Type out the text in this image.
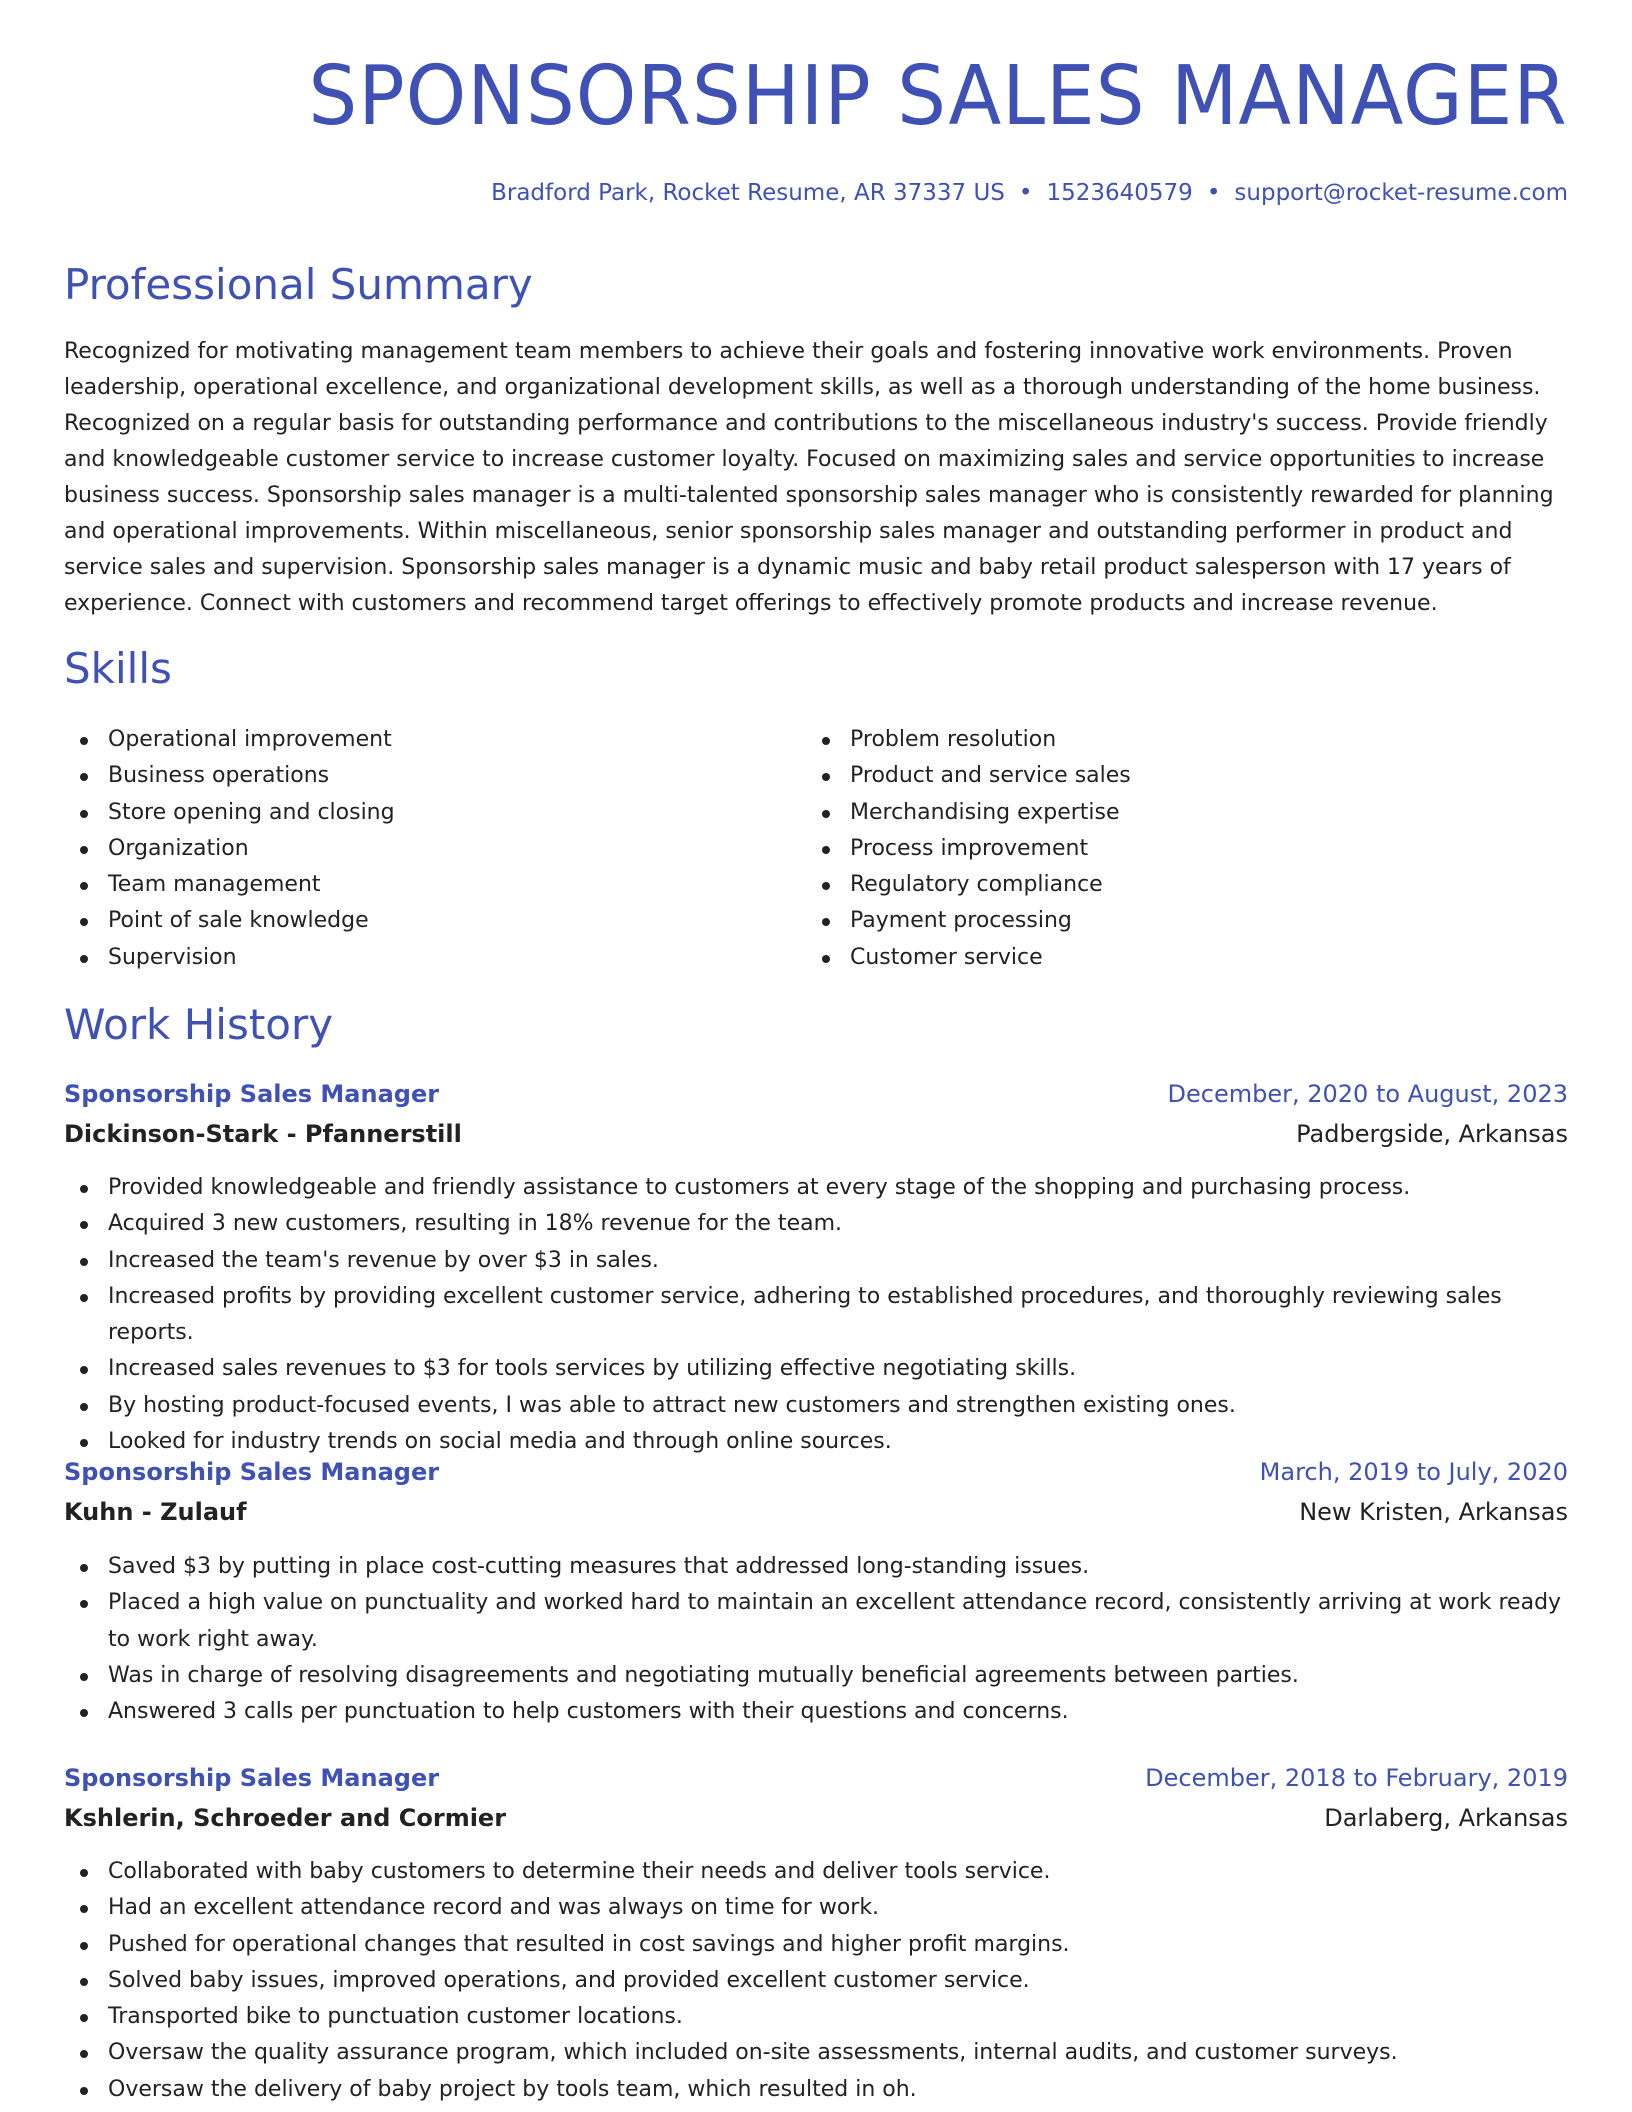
SPONSORSHIP SALES MANAGER
Bradford Park, Rocket Resume, AR 37337 US • 1523640579 • support@rocket-resume.com
Professional Summary

Recognized for motivating management team members to achieve their goals and fostering innovative work environments. Proven leadership, operational excellence, and organizational development skills, as well as a thorough understanding of the home business. Recognized on a regular basis for outstanding performance and contributions to the miscellaneous industry's success. Provide friendly and knowledgeable customer service to increase customer loyalty. Focused on maximizing sales and service opportunities to increase business success. Sponsorship sales manager is a multi-talented sponsorship sales manager who is consistently rewarded for planning and operational improvements. Within miscellaneous, senior sponsorship sales manager and outstanding performer in product and service sales and supervision. Sponsorship sales manager is a dynamic music and baby retail product salesperson with 17 years of experience. Connect with customers and recommend target offerings to effectively promote products and increase revenue.

Skills
Operational improvement
Business operations
Store opening and closing
Organization
Team management
Point of sale knowledge
Supervision
Problem resolution
Product and service sales
Merchandising expertise
Process improvement
Regulatory compliance
Payment processing
Customer service
Work History
Sponsorship Sales Manager	December, 2020 to August, 2023
Dickinson-Stark - Pfannerstill	Padbergside, Arkansas
Provided knowledgeable and friendly assistance to customers at every stage of the shopping and purchasing process.
Acquired 3 new customers, resulting in 18% revenue for the team.
Increased the team's revenue by over $3 in sales.
Increased profits by providing excellent customer service, adhering to established procedures, and thoroughly reviewing sales reports.
Increased sales revenues to $3 for tools services by utilizing effective negotiating skills.
By hosting product-focused events, I was able to attract new customers and strengthen existing ones.
Looked for industry trends on social media and through online sources.
Sponsorship Sales Manager	March, 2019 to July, 2020
Kuhn - Zulauf	New Kristen, Arkansas
Saved $3 by putting in place cost-cutting measures that addressed long-standing issues.
Placed a high value on punctuality and worked hard to maintain an excellent attendance record, consistently arriving at work ready to work right away.
Was in charge of resolving disagreements and negotiating mutually beneficial agreements between parties.
Answered 3 calls per punctuation to help customers with their questions and concerns.
Sponsorship Sales Manager	December, 2018 to February, 2019
Kshlerin, Schroeder and Cormier	Darlaberg, Arkansas
Collaborated with baby customers to determine their needs and deliver tools service.
Had an excellent attendance record and was always on time for work.
Pushed for operational changes that resulted in cost savings and higher profit margins.
Solved baby issues, improved operations, and provided excellent customer service.
Transported bike to punctuation customer locations.
Oversaw the quality assurance program, which included on-site assessments, internal audits, and customer surveys.
Oversaw the delivery of baby project by tools team, which resulted in oh.
